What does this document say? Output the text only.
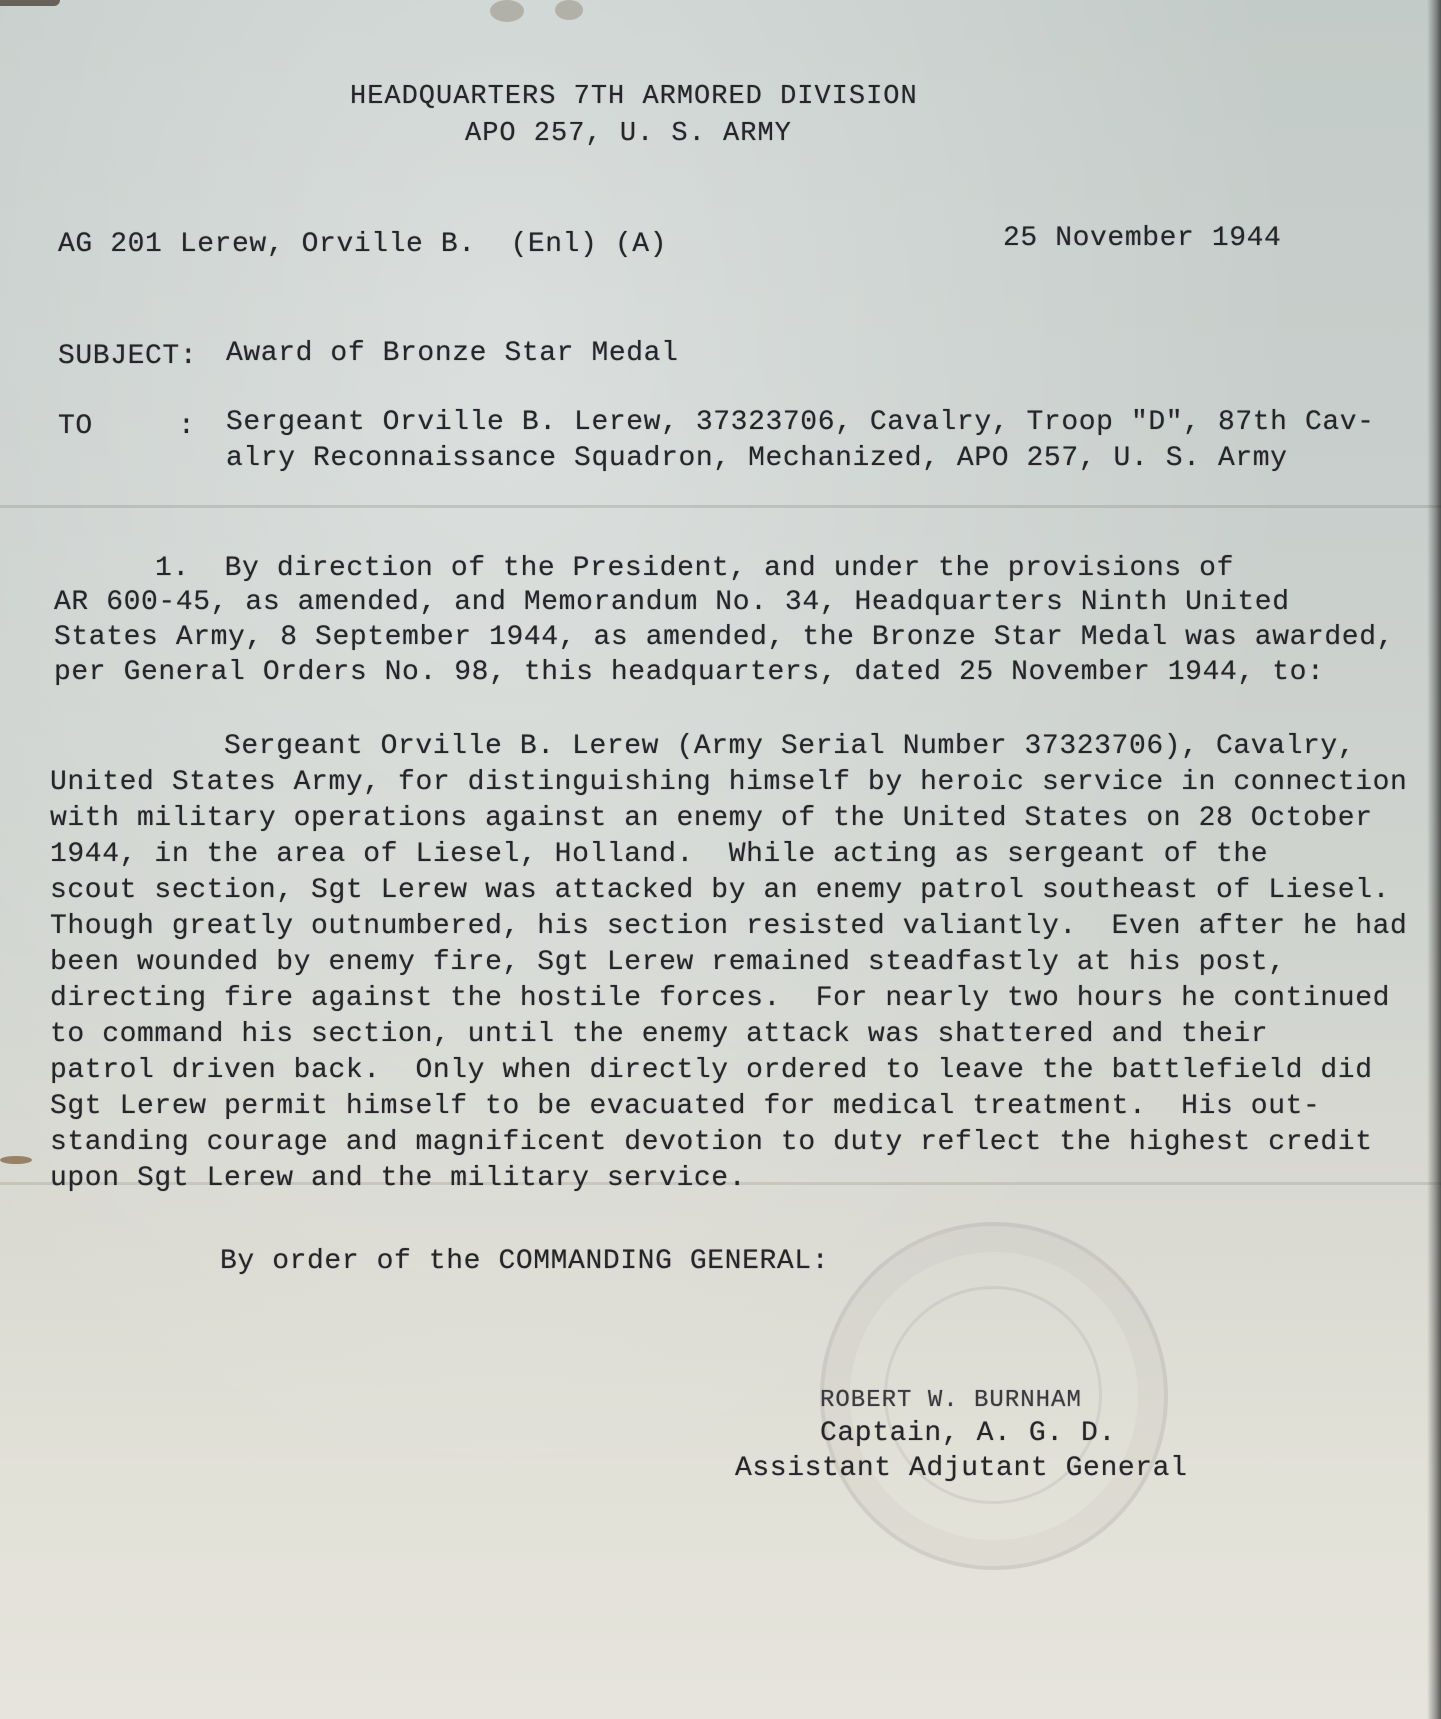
HEADQUARTERS 7TH ARMORED DIVISION
APO 257, U. S. ARMY
AG 201 Lerew, Orville B.  (Enl) (A)	25 November 1944
SUBJECT: Award of Bronze Star Medal
TO	: Sergeant Orville B. Lerew, 37323706, Cavalry, Troop "D", 87th Cav-
alry Reconnaissance Squadron, Mechanized, APO 257, U. S. Army
1.  By direction of the President, and under the provisions of
AR 600-45, as amended, and Memorandum No. 34, Headquarters Ninth United
States Army, 8 September 1944, as amended, the Bronze Star Medal was awarded,
per General Orders No. 98, this headquarters, dated 25 November 1944, to:
Sergeant Orville B. Lerew (Army Serial Number 37323706), Cavalry,
United States Army, for distinguishing himself by heroic service in connection
with military operations against an enemy of the United States on 28 October
1944, in the area of Liesel, Holland.  While acting as sergeant of the
scout section, Sgt Lerew was attacked by an enemy patrol southeast of Liesel.
Though greatly outnumbered, his section resisted valiantly.  Even after he had
been wounded by enemy fire, Sgt Lerew remained steadfastly at his post,
directing fire against the hostile forces.  For nearly two hours he continued
to command his section, until the enemy attack was shattered and their
patrol driven back.  Only when directly ordered to leave the battlefield did
Sgt Lerew permit himself to be evacuated for medical treatment.  His out-
standing courage and magnificent devotion to duty reflect the highest credit
upon Sgt Lerew and the military service.
By order of the COMMANDING GENERAL:
ROBERT W. BURNHAM
Captain, A. G. D.
Assistant Adjutant General
